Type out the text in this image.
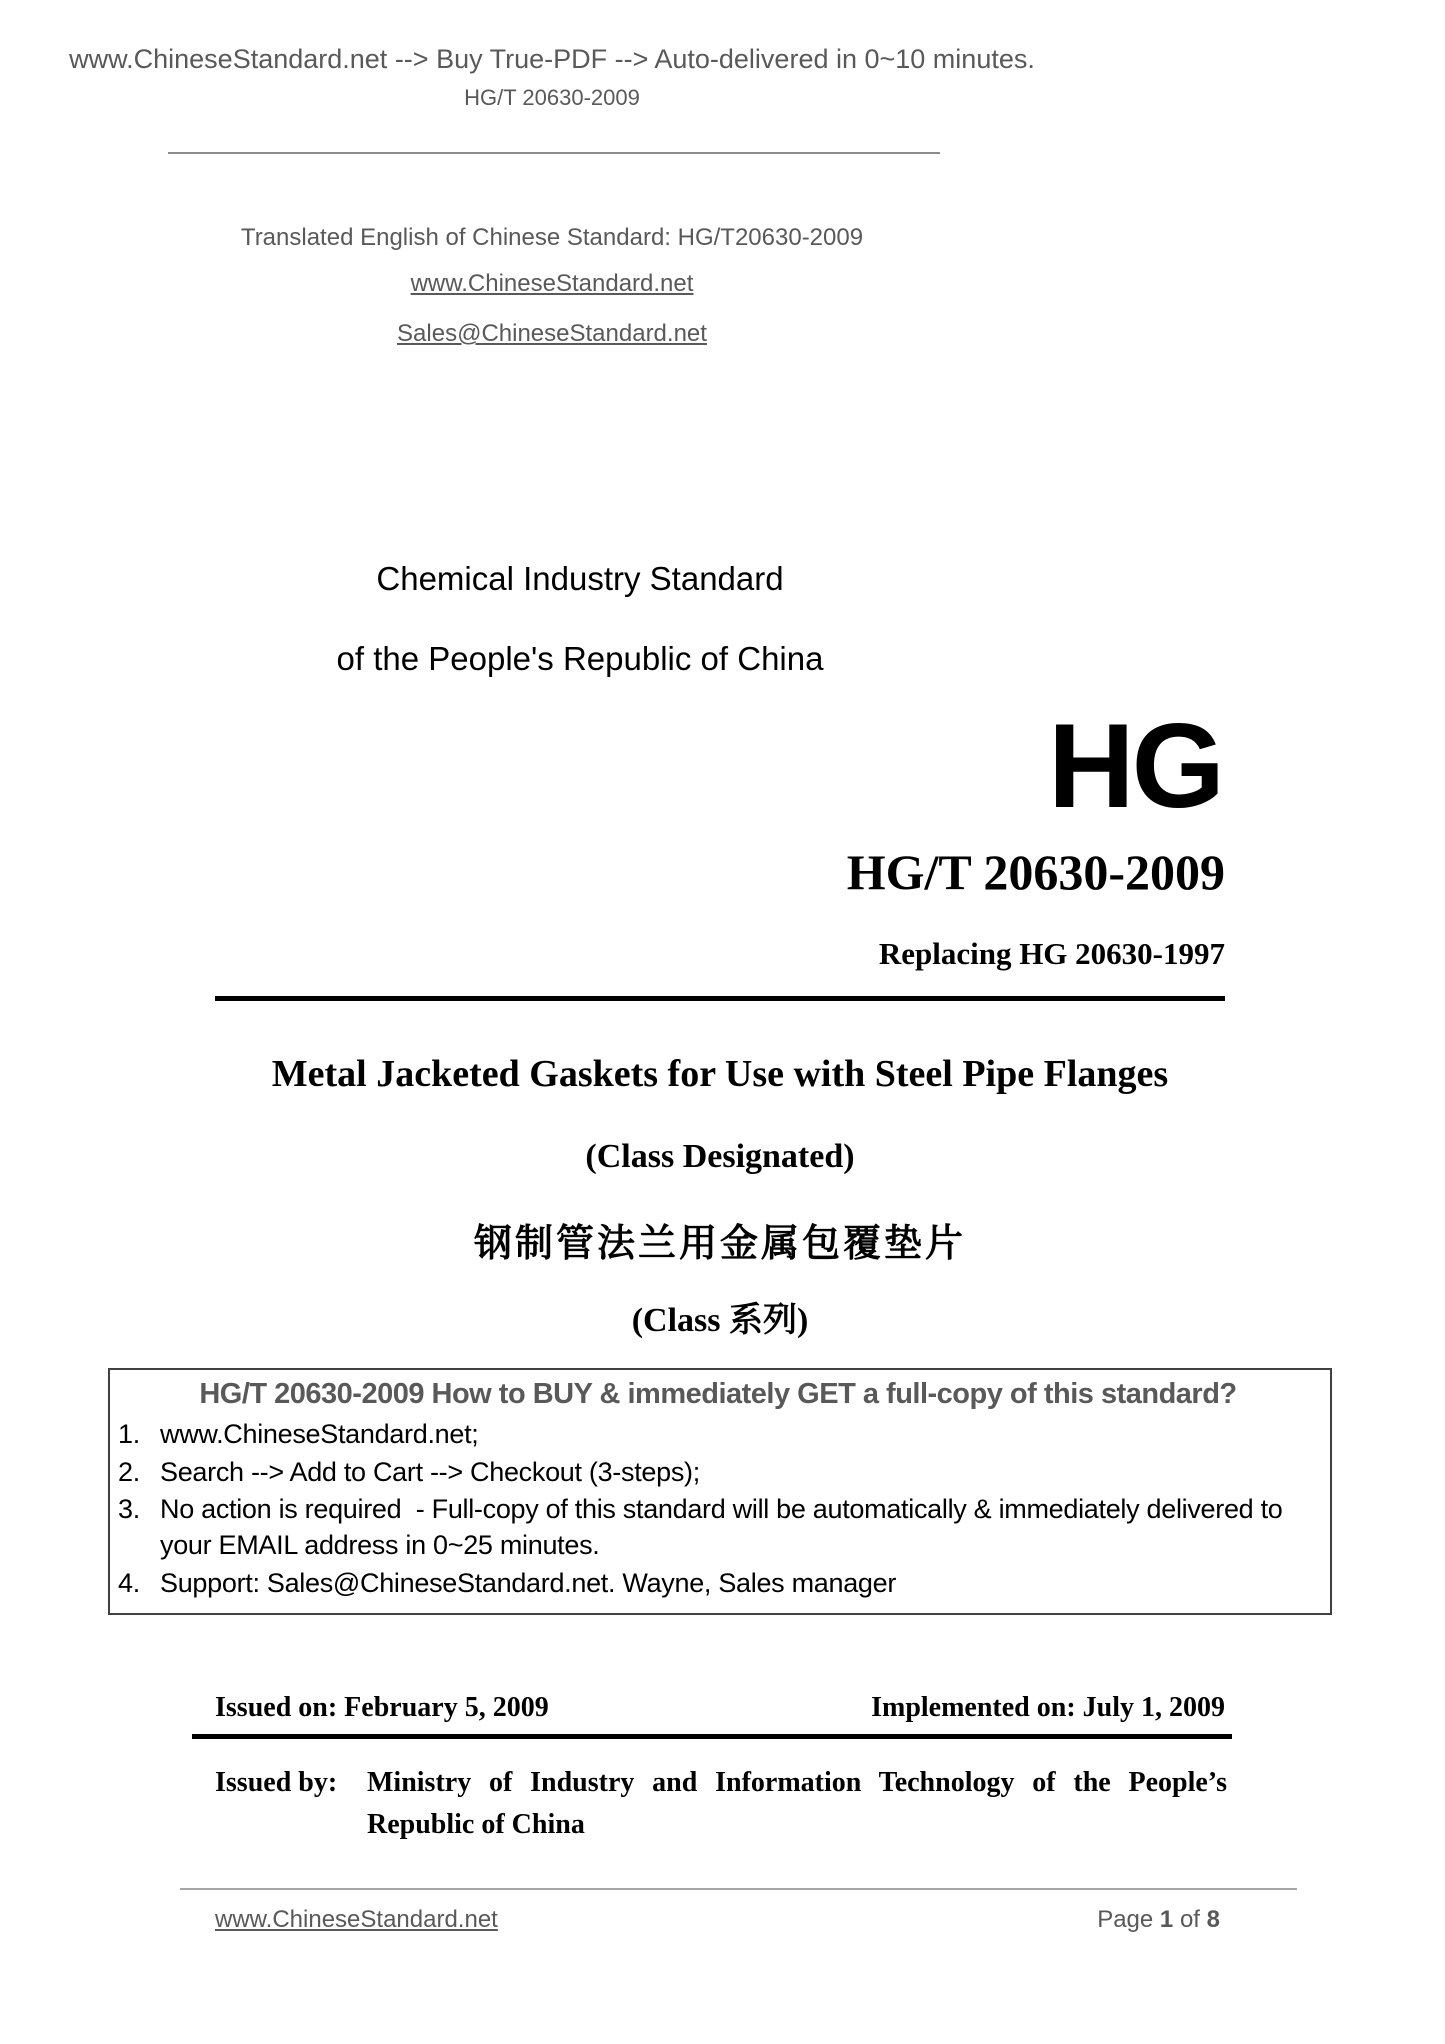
www.ChineseStandard.net --> Buy True-PDF --> Auto-delivered in 0~10 minutes.
HG/T 20630-2009
Translated English of Chinese Standard: HG/T20630-2009
www.ChineseStandard.net
Sales@ChineseStandard.net
Chemical Industry Standard
of the People's Republic of China
HG
HG/T 20630-2009
Replacing HG 20630-1997
Metal Jacketed Gaskets for Use with Steel Pipe Flanges
(Class Designated)
钢制管法兰用金属包覆垫片
(Class 系列)
HG/T 20630-2009 How to BUY & immediately GET a full-copy of this standard?
1. www.ChineseStandard.net;
2. Search --> Add to Cart --> Checkout (3-steps);
3. No action is required  - Full-copy of this standard will be automatically & immediately delivered to your EMAIL address in 0~25 minutes.
4. Support: Sales@ChineseStandard.net. Wayne, Sales manager
Issued on: February 5, 2009	Implemented on: July 1, 2009
Issued by:	Ministry of Industry and Information Technology of the People’s Republic of China
www.ChineseStandard.net	Page 1 of 8
